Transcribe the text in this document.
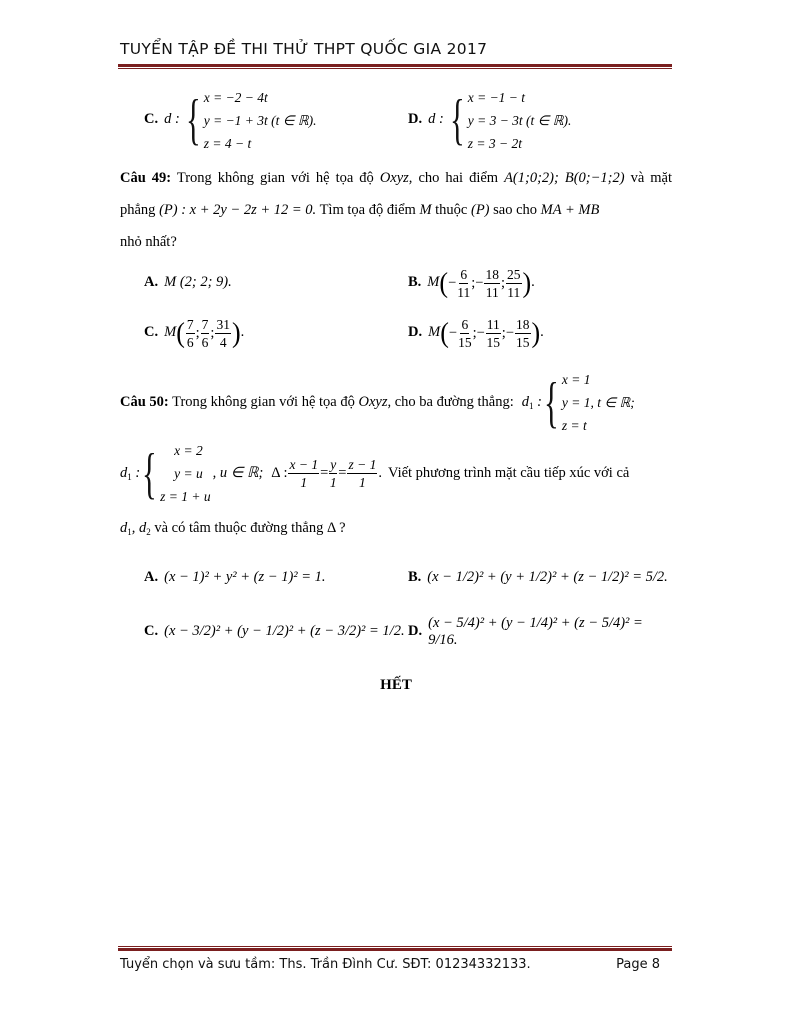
TUYỂN TẬP ĐỀ THI THỬ THPT QUỐC GIA 2017
C. d : { x = −2 − 4t
y = −1 + 3t (t ∈ ℝ).
z = 4 − t
D. d : { x = −1 − t
y = 3 − 3t (t ∈ ℝ).
z = 3 − 2t
Câu 49: Trong không gian với hệ tọa độ Oxyz, cho hai điểm A(1;0;2); B(0;−1;2) và mặt phẳng (P) : x + 2y − 2z + 12 = 0. Tìm tọa độ điểm M thuộc (P) sao cho MA + MB
nhỏ nhất?
A. M (2; 2; 9).	B. M ( − $\frac{6}{11}$ ;− $\frac{18}{11}$ ; $\frac{25}{11}$ ) .
C. M ( $\frac{7}{6}$ ; $\frac{7}{6}$ ; $\frac{31}{4}$ ) .	D. M ( − $\frac{6}{15}$ ;− $\frac{11}{15}$ ;− $\frac{18}{15}$ ) .
Câu 50: Trong không gian với hệ tọa độ Oxyz, cho ba đường thẳng: $d_1$ : { x = 1
y = 1, t ∈ ℝ;
z = t
$d_1$ : { x = 2
y = u
z = 1 + u
, u ∈ ℝ; Δ : $\frac{x - 1}{1} = \frac{y}{1} = \frac{z - 1}{1}$ . Viết phương trình mặt cầu tiếp xúc với cả
$d_1$, $d_2$ và có tâm thuộc đường thẳng Δ ?
A. (x − 1)² + y² + (z − 1)² = 1.	B. (x − 1/2)² + (y + 1/2)² + (z − 1/2)² = 5/2.
C. (x − 3/2)² + (y − 1/2)² + (z − 3/2)² = 1/2. D.
(x − 5/4)² + (y − 1/4)² + (z − 5/4)² = 9/16.
HẾT
Tuyển chọn và sưu tầm: Ths. Trần Đình Cư. SĐT: 01234332133.	Page 8
